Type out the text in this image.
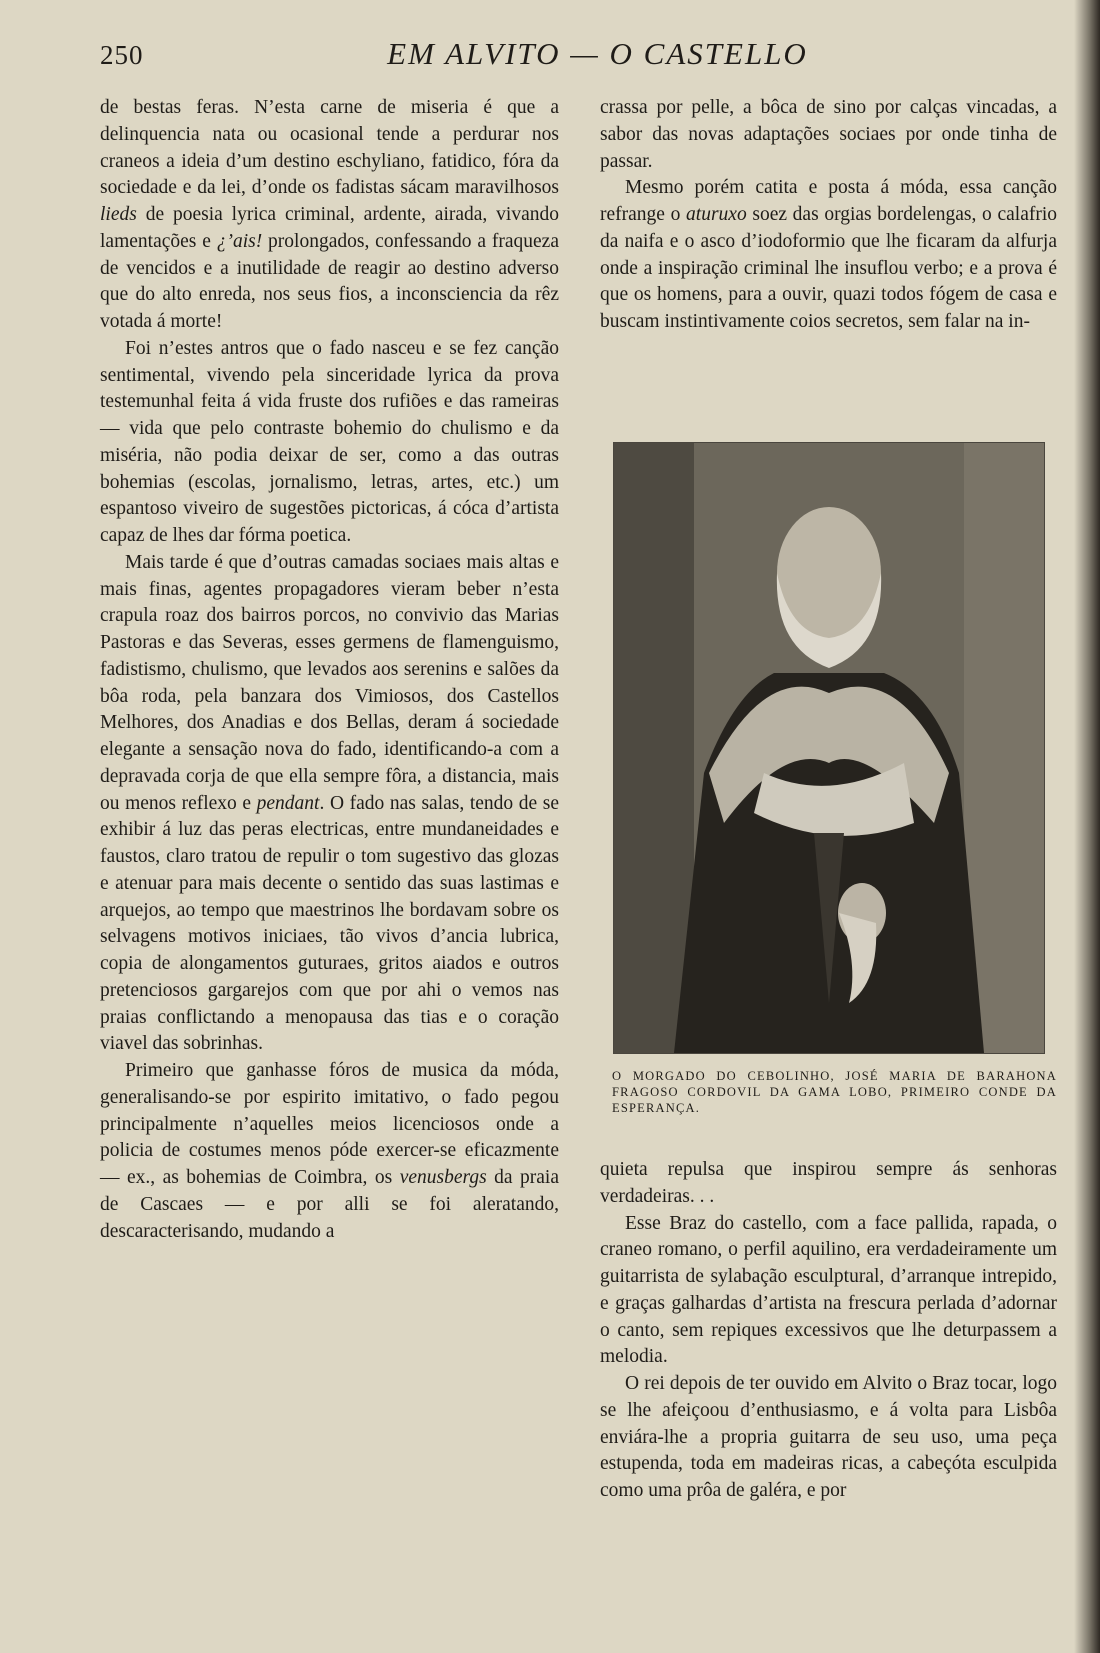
250	EM ALVITO — O CASTELLO

de bestas feras. N’esta carne de miseria é que a delinquencia nata ou ocasional tende a perdurar nos craneos a ideia d’um destino eschyliano, fatidico, fóra da sociedade e da lei, d’onde os fadistas sácam maravilhosos lieds de poesia lyrica criminal, ardente, airada, vivando lamentações e ¿’ais! prolongados, confessando a fraqueza de vencidos e a inutilidade de reagir ao destino adverso que do alto enreda, nos seus fios, a inconsciencia da rêz votada á morte!

Foi n’estes antros que o fado nasceu e se fez canção sentimental, vivendo pela sinceridade lyrica da prova testemunhal feita á vida fruste dos rufiões e das rameiras — vida que pelo contraste bohemio do chulismo e da miséria, não podia deixar de ser, como a das outras bohemias (escolas, jornalismo, letras, artes, etc.) um espantoso viveiro de sugestões pictoricas, á cóca d’artista capaz de lhes dar fórma poetica.

Mais tarde é que d’outras camadas sociaes mais altas e mais finas, agentes propagadores vieram beber n’esta crapula roaz dos bairros porcos, no convivio das Marias Pastoras e das Severas, esses germens de flamenguismo, fadistismo, chulismo, que levados aos serenins e salões da bôa roda, pela banzara dos Vimiosos, dos Castellos Melhores, dos Anadias e dos Bellas, deram á sociedade elegante a sensação nova do fado, identificando-a com a depravada corja de que ella sempre fôra, a distancia, mais ou menos reflexo e pendant. O fado nas salas, tendo de se exhibir á luz das peras electricas, entre mundaneidades e faustos, claro tratou de repulir o tom sugestivo das glozas e atenuar para mais decente o sentido das suas lastimas e arquejos, ao tempo que maestrinos lhe bordavam sobre os selvagens motivos iniciaes, tão vivos d’ancia lubrica, copia de alongamentos guturaes, gritos aiados e outros pretenciosos gargarejos com que por ahi o vemos nas praias conflictando a menopausa das tias e o coração viavel das sobrinhas.

Primeiro que ganhasse fóros de musica da móda, generalisando-se por espirito imitativo, o fado pegou principalmente n’aquelles meios licenciosos onde a policia de costumes menos póde exercer-se eficazmente — ex., as bohemias de Coimbra, os venusbergs da praia de Cascaes — e por alli se foi aleratando, descaracterisando, mudando a

crassa por pelle, a bôca de sino por calças vincadas, a sabor das novas adaptações sociaes por onde tinha de passar.

Mesmo porém catita e posta á móda, essa canção refrange o aturuxo soez das orgias bordelengas, o calafrio da naifa e o asco d’iodoformio que lhe ficaram da alfurja onde a inspiração criminal lhe insuflou verbo; e a prova é que os homens, para a ouvir, quazi todos fógem de casa e buscam instintivamente coios secretos, sem falar na in-

O MORGADO DO CEBOLINHO, JOSÉ MARIA DE BARAHONA FRAGOSO CORDOVIL DA GAMA LOBO, PRIMEIRO CONDE DA ESPERANÇA.

quieta repulsa que inspirou sempre ás senhoras verdadeiras. . .

Esse Braz do castello, com a face pallida, rapada, o craneo romano, o perfil aquilino, era verdadeiramente um guitarrista de sylabação esculptural, d’arranque intrepido, e graças galhardas d’artista na frescura perlada d’adornar o canto, sem repiques excessivos que lhe deturpassem a melodia.

O rei depois de ter ouvido em Alvito o Braz tocar, logo se lhe afeiçoou d’enthusiasmo, e á volta para Lisbôa enviára-lhe a propria guitarra de seu uso, uma peça estupenda, toda em madeiras ricas, a cabeçóta esculpida como uma prôa de galéra, e por
